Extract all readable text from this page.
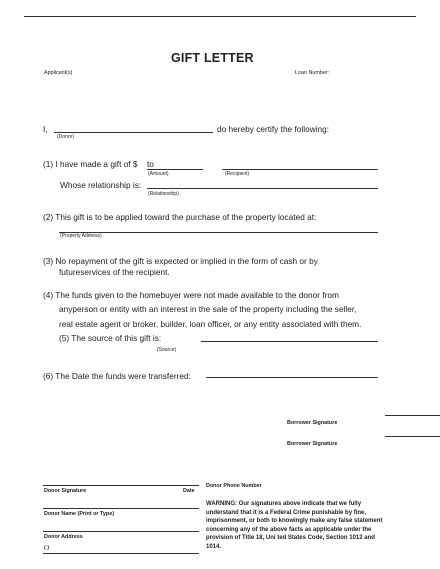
GIFT LETTER
Applicant(s)	Loan Number:
I,
(Donor)
do hereby certify the following:
(1) I have made a gift of $ to
(Amount)	(Recipient)
Whose relationship is:
(Relationship)
(2) This gift is to be applied toward the purchase of the property located at:
(Property Address)
(3) No repayment of the gift is expected or implied in the form of cash or by
futureservices of the recipient.
(4) The funds given to the homebuyer were not made available to the donor from
anyperson or entity with an interest in the sale of the property including the seller,
real estate agent or broker, builder, loan officer, or any entity associated with them.
(5) The source of this gift is:
(Source)
(6) The Date the funds were transferred:
Borrower Signature
Borrower Signature
Donor Signature	Date
Donor Phone Number
Donor Name (Print or Type)
Donor Address
( )
WARNING: Our signatures above indicate that we fully understand that it is a Federal Crime punishable by fine, imprisonment, or both to knowingly make any false statement concerning any of the above facts as applicable under the provision of Title 18, Uni ted States Code, Section 1012 and 1014.
